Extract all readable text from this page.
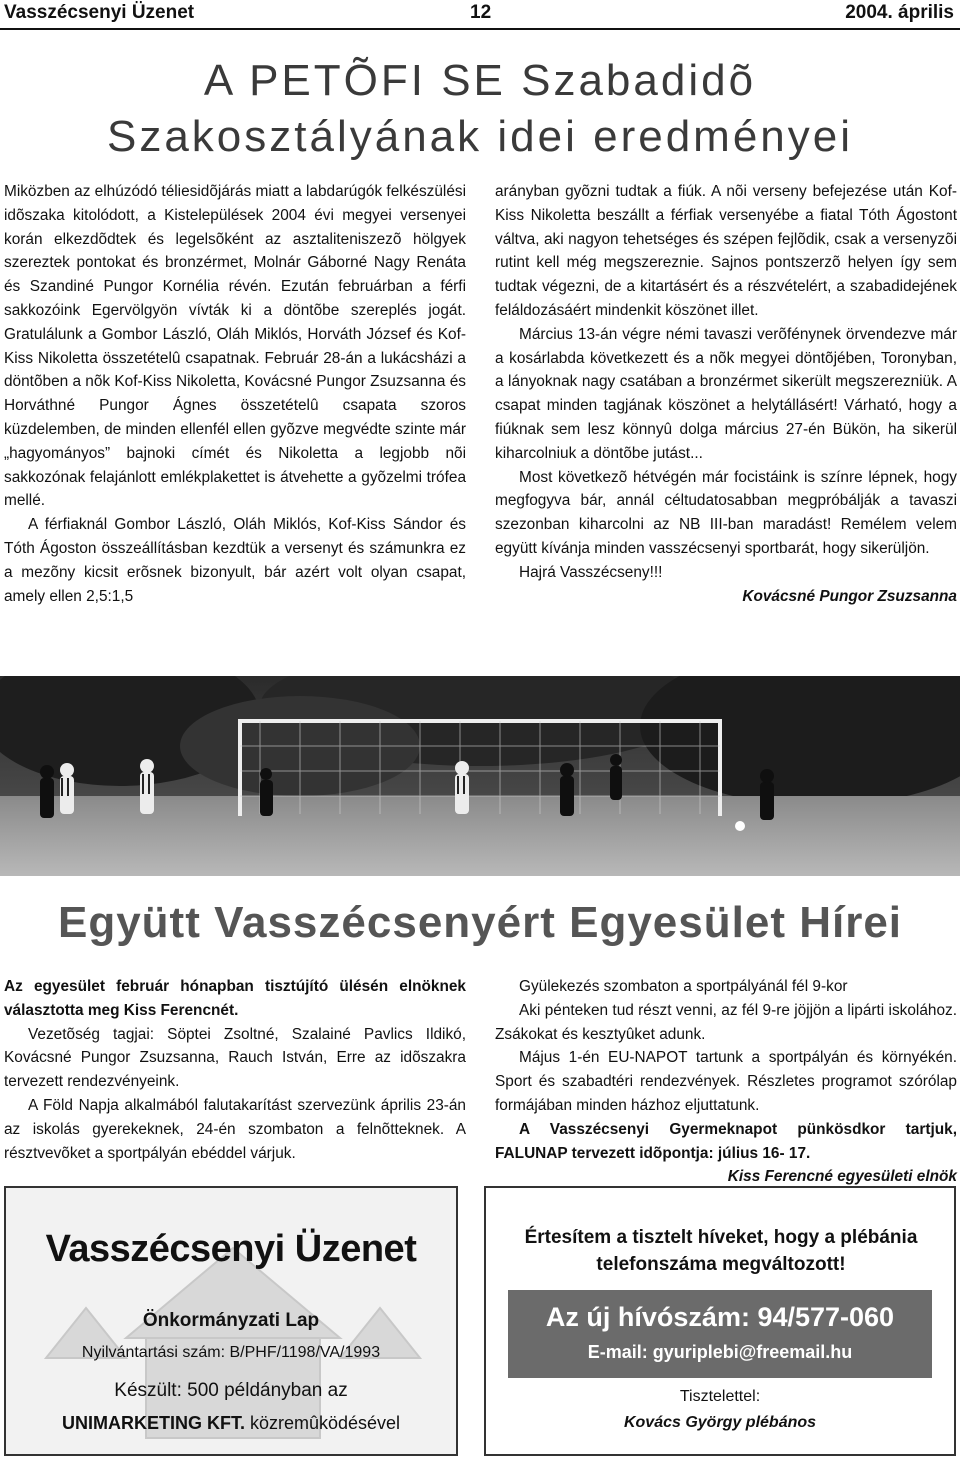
Vasszécsenyi Üzenet	12	2004. április
A PETÕFI SE Szabadidõ
Szakosztályának idei eredményei

Miközben az elhúzódó téliesidõjárás miatt a labdarúgók felkészülési idõszaka kitolódott, a Kistelepülések 2004 évi megyei versenyei korán elkezdõdtek és legelsõként az asztaliteniszezõ hölgyek szereztek pontokat és bronzérmet, Molnár Gáborné Nagy Renáta és Szandiné Pungor Kornélia révén. Ezután februárban a férfi sakkozóink Egervölgyön vívták ki a döntõbe szereplés jogát. Gratulálunk a Gombor László, Oláh Miklós, Horváth József és Kof-Kiss Nikoletta összetételû csapatnak. Február 28-án a lukácsházi a döntõben a nõk Kof-Kiss Nikoletta, Kovácsné Pungor Zsuzsanna és Horváthné Pungor Ágnes összetételû csapata szoros küzdelemben, de minden ellenfél ellen gyõzve megvédte szinte már „hagyományos” bajnoki címét és Nikoletta a legjobb nõi sakkozónak felajánlott emlékplakettet is átvehette a gyõzelmi trófea mellé.

A férfiaknál Gombor László, Oláh Miklós, Kof-Kiss Sándor és Tóth Ágoston összeállításban kezdtük a versenyt és számunkra ez a mezõny kicsit erõsnek bizonyult, bár azért volt olyan csapat, amely ellen 2,5:1,5

arányban gyõzni tudtak a fiúk. A nõi verseny befejezése után Kof-Kiss Nikoletta beszállt a férfiak versenyébe a fiatal Tóth Ágostont váltva, aki nagyon tehetséges és szépen fejlõdik, csak a versenyzõi rutint kell még megszereznie. Sajnos pontszerzõ helyen így sem tudtak végezni, de a kitartásért és a részvételért, a szabadidejének feláldozásáért mindenkit köszönet illet.

Március 13-án végre némi tavaszi verõfénynek örvendezve már a kosárlabda következett és a nõk megyei döntõjében, Toronyban, a lányoknak nagy csatában a bronzérmet sikerült megszerezniük. A csapat minden tagjának köszönet a helytállásért! Várható, hogy a fiúknak sem lesz könnyû dolga március 27-én Bükön, ha sikerül kiharcolniuk a döntõbe jutást...

Most következõ hétvégén már focistáink is színre lépnek, hogy megfogyva bár, annál céltudatosabban megpróbálják a tavaszi szezonban kiharcolni az NB III-ban maradást! Remélem velem együtt kívánja minden vasszécsenyi sportbarát, hogy sikerüljön.

Hajrá Vasszécseny!!!

Kovácsné Pungor Zsuzsanna

Együtt Vasszécsenyért Egyesület Hírei

Az egyesület február hónapban tisztújító ülésén elnöknek választotta meg Kiss Ferencnét.

Vezetõség tagjai: Söptei Zsoltné, Szalainé Pavlics Ildikó, Kovácsné Pungor Zsuzsanna, Rauch István, Erre az idõszakra tervezett rendezvényeink.

A Föld Napja alkalmából falutakarítást szervezünk április 23-án az iskolás gyerekeknek, 24-én szombaton a felnõtteknek. A résztvevõket a sportpályán ebéddel várjuk.

Gyülekezés szombaton a sportpályánál fél 9-kor

Aki pénteken tud részt venni, az fél 9-re jöjjön a lipárti iskolához. Zsákokat és kesztyûket adunk.

Május 1-én EU-NAPOT tartunk a sportpályán és környékén. Sport és szabadtéri rendezvények. Részletes programot szórólap formájában minden házhoz eljuttatunk.

A Vasszécsenyi Gyermeknapot pünkösdkor tartjuk, FALUNAP tervezett idõpontja: július 16- 17.

Kiss Ferencné egyesületi elnök

Vasszécsenyi Üzenet
Önkormányzati Lap
Nyilvántartási szám: B/PHF/1198/VA/1993
Készült: 500 példányban az
UNIMARKETING KFT. közremûködésével
Értesítem a tisztelt híveket, hogy a plébánia telefonszáma megváltozott!
Az új hívószám: 94/577-060
E-mail: gyuriplebi@freemail.hu
Tisztelettel:
Kovács György plébános
